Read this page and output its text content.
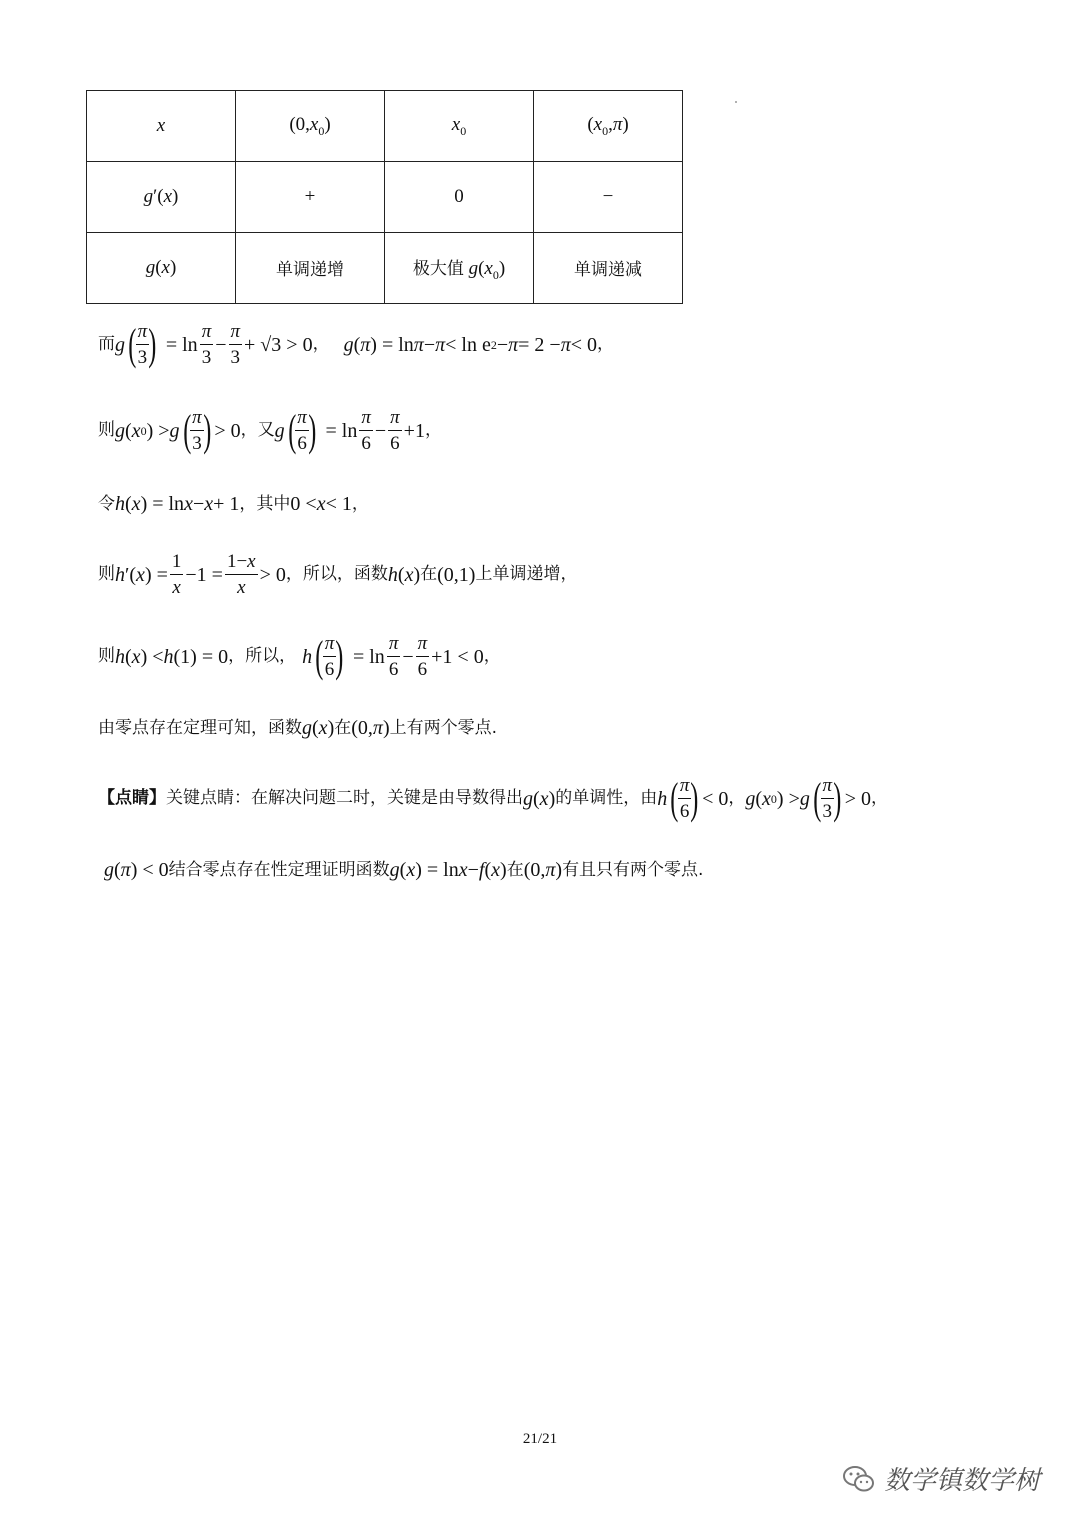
x	$(0,x_0)$	$x_0$	$(x_0,\pi)$
g′(x)	+	0	−
g(x)	单调递增	极大值 $g(x_0)$	单调递减
而 g ( $\frac{\pi}{3}$ ) = $\ln \frac{\pi}{3} - \frac{\pi}{3} + √3 > 0$ ， g ( π ) = ln π − π < ln e 2 − π = 2 − π < 0 ，
则 g ( x 0 ) > g ( $\frac{\pi}{3}$ ) > 0 ，又 g ( $\frac{\pi}{6}$ ) = $\ln \frac{\pi}{6} - \frac{\pi}{6} +1$ ，
令 h ( x ) = ln x − x + 1 ，其中 0 < x < 1 ，
则 h ′( x ) = $\frac{1}{x} -1 = \frac{1-x}{x} > 0$ ，所以，函数 h ( x ) 在 (0,1) 上单调递增，
则 h ( x ) < h (1) = 0 ，所以， h ( $\frac{\pi}{6}$ ) = $\ln \frac{\pi}{6} - \frac{\pi}{6} +1 < 0$ ，
由零点存在定理可知，函数 g ( x ) 在 (0, π ) 上有两个零点.
【点睛】 关键点睛：在解决问题二时，关键是由导数得出 g ( x ) 的单调性，由 h ( $\frac{\pi}{6}$ ) < 0 ， g ( x 0 ) > g ( $\frac{\pi}{3}$ ) > 0 ，
g ( π ) < 0 结合零点存在性定理证明函数 g ( x ) = ln x − f ( x ) 在 (0, π ) 有且只有两个零点.
21/21
数学镇数学树
